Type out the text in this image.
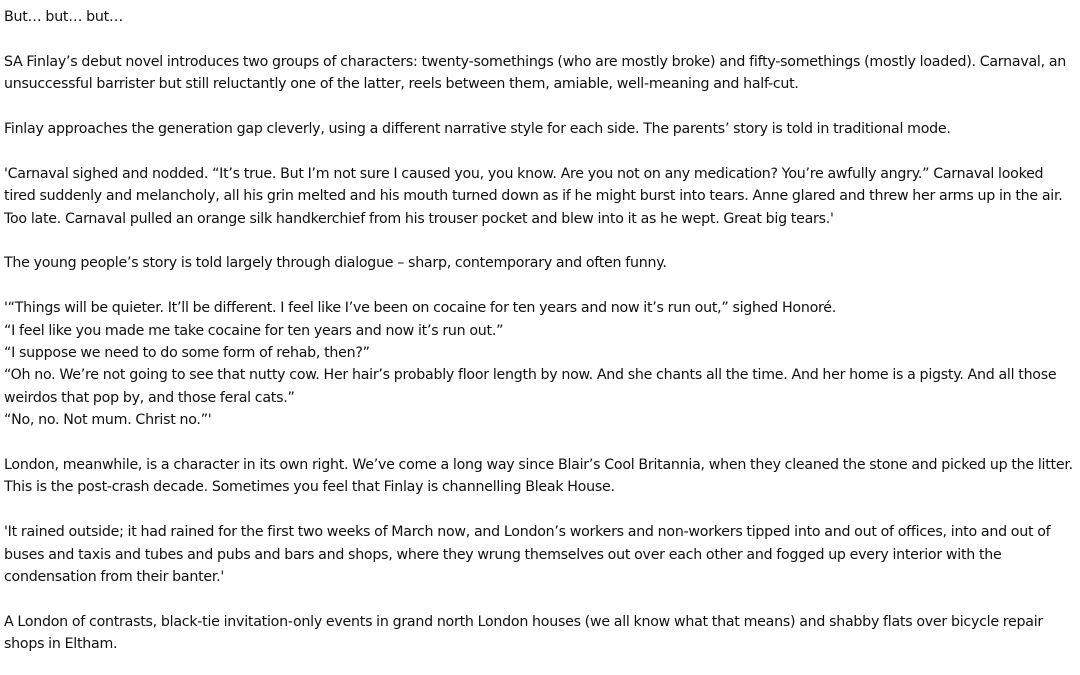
But… but… but…

SA Finlay’s debut novel introduces two groups of characters: twenty-somethings (who are mostly broke) and fifty-somethings (mostly loaded). Carnaval, an
unsuccessful barrister but still reluctantly one of the latter, reels between them, amiable, well-meaning and half-cut.

Finlay approaches the generation gap cleverly, using a different narrative style for each side. The parents’ story is told in traditional mode.

'Carnaval sighed and nodded. “It’s true. But I’m not sure I caused you, you know. Are you not on any medication? You’re awfully angry.” Carnaval looked
tired suddenly and melancholy, all his grin melted and his mouth turned down as if he might burst into tears. Anne glared and threw her arms up in the air.
Too late. Carnaval pulled an orange silk handkerchief from his trouser pocket and blew into it as he wept. Great big tears.'

The young people’s story is told largely through dialogue – sharp, contemporary and often funny.

'“Things will be quieter. It’ll be different. I feel like I’ve been on cocaine for ten years and now it’s run out,” sighed Honoré.
“I feel like you made me take cocaine for ten years and now it’s run out.”
“I suppose we need to do some form of rehab, then?”
“Oh no. We’re not going to see that nutty cow. Her hair’s probably floor length by now. And she chants all the time. And her home is a pigsty. And all those
weirdos that pop by, and those feral cats.”
“No, no. Not mum. Christ no.”'

London, meanwhile, is a character in its own right. We’ve come a long way since Blair’s Cool Britannia, when they cleaned the stone and picked up the litter.
This is the post-crash decade. Sometimes you feel that Finlay is channelling Bleak House.

'It rained outside; it had rained for the first two weeks of March now, and London’s workers and non-workers tipped into and out of offices, into and out of
buses and taxis and tubes and pubs and bars and shops, where they wrung themselves out over each other and fogged up every interior with the
condensation from their banter.'

A London of contrasts, black-tie invitation-only events in grand north London houses (we all know what that means) and shabby flats over bicycle repair
shops in Eltham.
